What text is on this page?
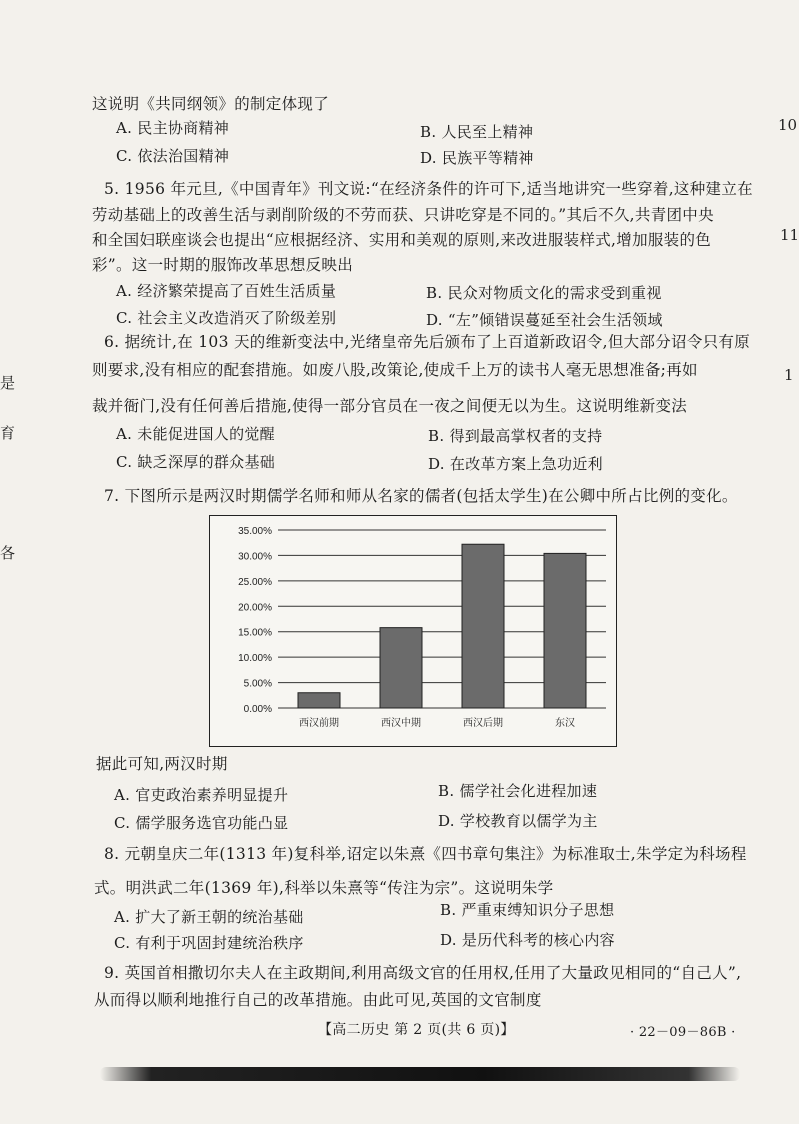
10
11
1
是
育
各
这说明《共同纲领》的制定体现了
A. 民主协商精神	B. 人民至上精神
C. 依法治国精神	D. 民族平等精神
5. 1956 年元旦,《中国青年》刊文说:“在经济条件的许可下,适当地讲究一些穿着,这种建立在
劳动基础上的改善生活与剥削阶级的不劳而获、只讲吃穿是不同的。”其后不久,共青团中央
和全国妇联座谈会也提出“应根据经济、实用和美观的原则,来改进服装样式,增加服装的色
彩”。这一时期的服饰改革思想反映出
A. 经济繁荣提高了百姓生活质量	B. 民众对物质文化的需求受到重视
C. 社会主义改造消灭了阶级差别	D. “左”倾错误蔓延至社会生活领域
6. 据统计,在 103 天的维新变法中,光绪皇帝先后颁布了上百道新政诏令,但大部分诏令只有原
则要求,没有相应的配套措施。如废八股,改策论,使成千上万的读书人毫无思想准备;再如
裁并衙门,没有任何善后措施,使得一部分官员在一夜之间便无以为生。这说明维新变法
A. 未能促进国人的觉醒	B. 得到最高掌权者的支持
C. 缺乏深厚的群众基础	D. 在改革方案上急功近利
7. 下图所示是两汉时期儒学名师和师从名家的儒者(包括太学生)在公卿中所占比例的变化。
0.00%
5.00%
10.00%
15.00%
20.00%
25.00%
30.00%
35.00%
西汉前期	西汉中期	西汉后期	东汉
据此可知,两汉时期
A. 官吏政治素养明显提升	B. 儒学社会化进程加速
C. 儒学服务选官功能凸显	D. 学校教育以儒学为主
8. 元朝皇庆二年(1313 年)复科举,诏定以朱熹《四书章句集注》为标准取士,朱学定为科场程
式。明洪武二年(1369 年),科举以朱熹等“传注为宗”。这说明朱学
A. 扩大了新王朝的统治基础	B. 严重束缚知识分子思想
C. 有利于巩固封建统治秩序	D. 是历代科考的核心内容
9. 英国首相撒切尔夫人在主政期间,利用高级文官的任用权,任用了大量政见相同的“自己人”,
从而得以顺利地推行自己的改革措施。由此可见,英国的文官制度
【高二历史 第 2 页(共 6 页)】	· 22－09－86B ·
